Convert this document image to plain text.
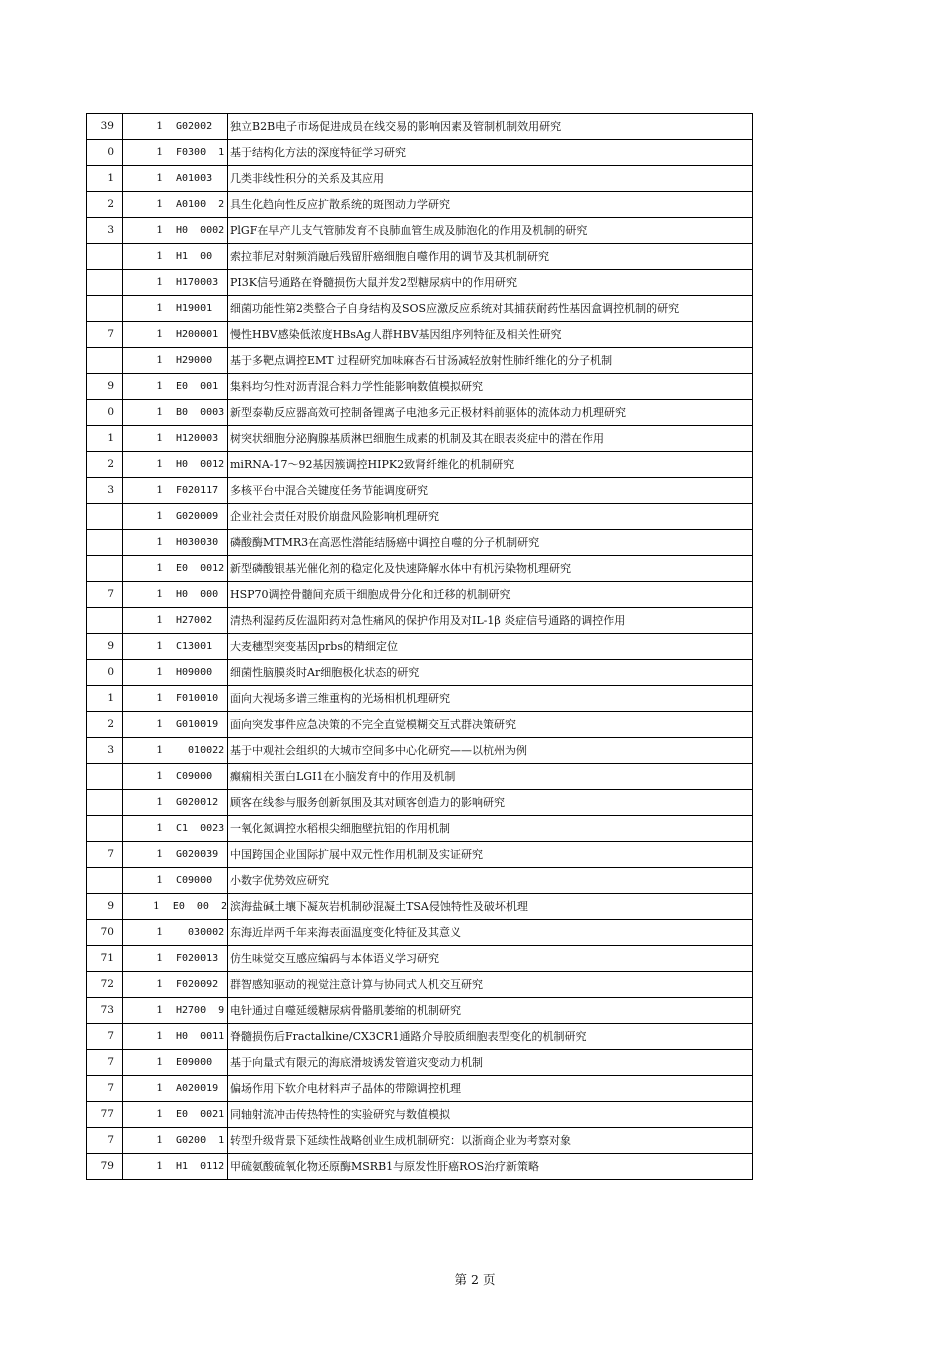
39	1 G02002	独立B2B电子市场促进成员在线交易的影响因素及管制机制效用研究
0	1 F0300  1	基于结构化方法的深度特征学习研究
1	1 A01003	几类非线性积分的关系及其应用
2	1 A0100  2	具生化趋向性反应扩散系统的斑图动力学研究
3	1 H0  0002	PlGF在早产儿支气管肺发育不良肺血管生成及肺泡化的作用及机制的研究

	1 H1  00	索拉菲尼对射频消融后残留肝癌细胞自噬作用的调节及其机制研究

	1 H170003	PI3K信号通路在脊髓损伤大鼠并发2型糖尿病中的作用研究

	1 H19001	细菌功能性第2类整合子自身结构及SOS应激反应系统对其捕获耐药性基因盒调控机制的研究
7	1 H200001	慢性HBV感染低浓度HBsAg人群HBV基因组序列特征及相关性研究

	1 H29000	基于多靶点调控EMT 过程研究加味麻杏石甘汤减轻放射性肺纤维化的分子机制
9	1 E0  001	集料均匀性对沥青混合料力学性能影响数值模拟研究
0	1 B0  0003	新型泰勒反应器高效可控制备锂离子电池多元正极材料前驱体的流体动力机理研究
1	1 H120003	树突状细胞分泌胸腺基质淋巴细胞生成素的机制及其在眼表炎症中的潜在作用
2	1 H0  0012	miRNA-17～92基因簇调控HIPK2致肾纤维化的机制研究
3	1 F020117	多核平台中混合关键度任务节能调度研究

	1 G020009	企业社会责任对股价崩盘风险影响机理研究

	1 H030030	磷酸酶MTMR3在高恶性潜能结肠癌中调控自噬的分子机制研究

	1 E0  0012	新型磷酸银基光催化剂的稳定化及快速降解水体中有机污染物机理研究
7	1 H0  000	HSP70调控骨髓间充质干细胞成骨分化和迁移的机制研究

	1 H27002	清热利湿药反佐温阳药对急性痛风的保护作用及对IL-1β 炎症信号通路的调控作用
9	1 C13001	大麦穗型突变基因prbs的精细定位
0	1 H09000	细菌性脑膜炎时Ar细胞极化状态的研究
1	1 F010010	面向大视场多谱三维重构的光场相机机理研究
2	1 G010019	面向突发事件应急决策的不完全直觉模糊交互式群决策研究
3	1 010022	基于中观社会组织的大城市空间多中心化研究——以杭州为例

	1 C09000	癫痫相关蛋白LGI1在小脑发育中的作用及机制

	1 G020012	顾客在线参与服务创新氛围及其对顾客创造力的影响研究

	1 C1  0023	一氧化氮调控水稻根尖细胞壁抗铝的作用机制
7	1 G020039	中国跨国企业国际扩展中双元性作用机制及实证研究

	1 C09000	小数字优势效应研究
9	1 E0  00  2	滨海盐碱土壤下凝灰岩机制砂混凝土TSA侵蚀特性及破坏机理
70	1 030002	东海近岸两千年来海表面温度变化特征及其意义
71	1 F020013	仿生味觉交互感应编码与本体语义学习研究
72	1 F020092	群智感知驱动的视觉注意计算与协同式人机交互研究
73	1 H2700  9	电针通过自噬延缓糖尿病骨骼肌萎缩的机制研究
7	1 H0  0011	脊髓损伤后Fractalkine/CX3CR1通路介导胶质细胞表型变化的机制研究
7	1 E09000	基于向量式有限元的海底滑坡诱发管道灾变动力机制
7	1 A020019	偏场作用下软介电材料声子晶体的带隙调控机理
77	1 E0  0021	同轴射流冲击传热特性的实验研究与数值模拟
7	1 G0200  1	转型升级背景下延续性战略创业生成机制研究：以浙商企业为考察对象
79	1 H1  0112	甲硫氨酸硫氧化物还原酶MSRB1与原发性肝癌ROS治疗新策略
第 2 页
